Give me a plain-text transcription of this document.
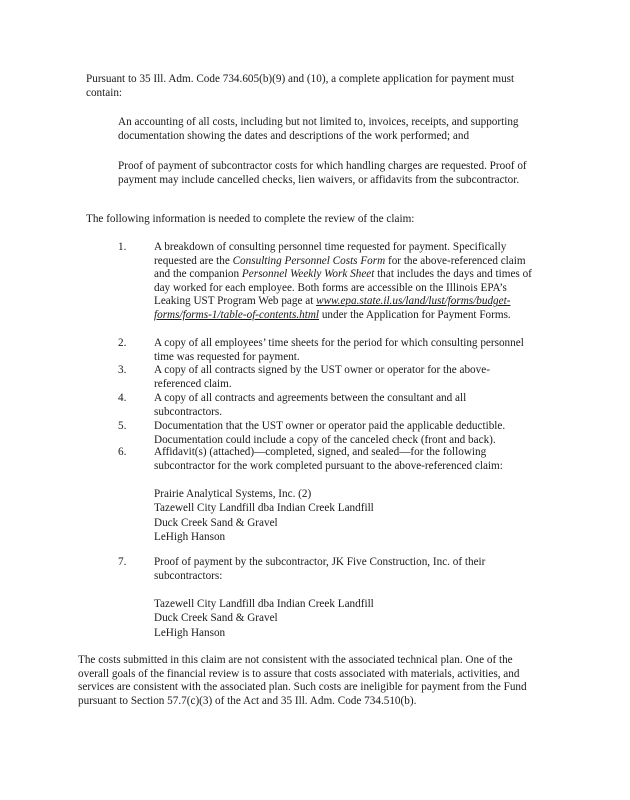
Pursuant to 35 Ill. Adm. Code 734.605(b)(9) and (10), a complete application for payment must contain:
An accounting of all costs, including but not limited to, invoices, receipts, and supporting documentation showing the dates and descriptions of the work performed; and
Proof of payment of subcontractor costs for which handling charges are requested. Proof of payment may include cancelled checks, lien waivers, or affidavits from the subcontractor.
The following information is needed to complete the review of the claim:
1.	A breakdown of consulting personnel time requested for payment. Specifically requested are the Consulting Personnel Costs Form for the above-referenced claim and the companion Personnel Weekly Work Sheet that includes the days and times of day worked for each employee. Both forms are accessible on the Illinois EPA’s Leaking UST Program Web page at www.epa.state.il.us/land/lust/forms/budget-forms/forms-1/table-of-contents.html under the Application for Payment Forms.
2.	A copy of all employees’ time sheets for the period for which consulting personnel time was requested for payment.
3.	A copy of all contracts signed by the UST owner or operator for the above-referenced claim.
4.	A copy of all contracts and agreements between the consultant and all subcontractors.
5.	Documentation that the UST owner or operator paid the applicable deductible. Documentation could include a copy of the canceled check (front and back).
6.	Affidavit(s) (attached)—completed, signed, and sealed—for the following subcontractor for the work completed pursuant to the above-referenced claim:
Prairie Analytical Systems, Inc. (2)
Tazewell City Landfill dba Indian Creek Landfill
Duck Creek Sand & Gravel
LeHigh Hanson
7.	Proof of payment by the subcontractor, JK Five Construction, Inc. of their subcontractors:
Tazewell City Landfill dba Indian Creek Landfill
Duck Creek Sand & Gravel
LeHigh Hanson
The costs submitted in this claim are not consistent with the associated technical plan. One of the overall goals of the financial review is to assure that costs associated with materials, activities, and services are consistent with the associated plan. Such costs are ineligible for payment from the Fund pursuant to Section 57.7(c)(3) of the Act and 35 Ill. Adm. Code 734.510(b).
